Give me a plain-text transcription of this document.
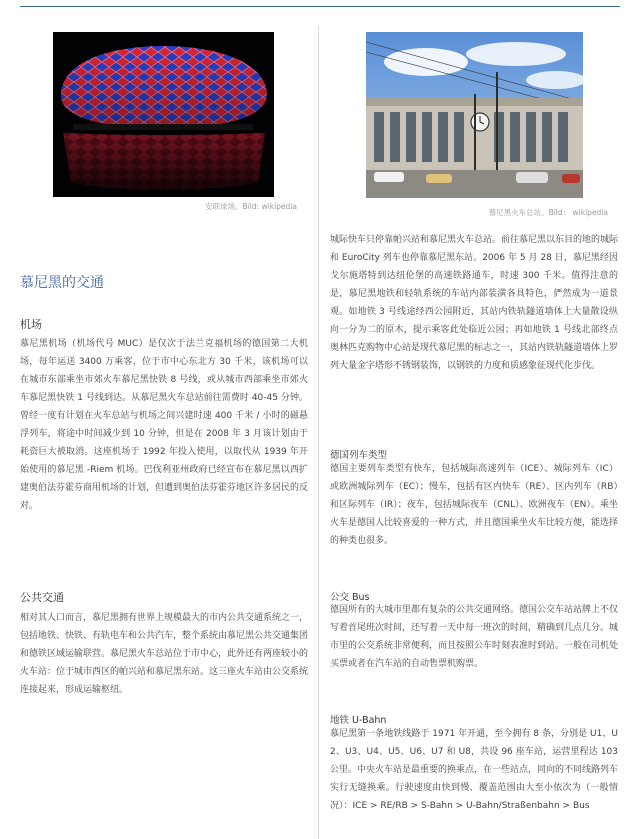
安联球场。Bild: wikipedia
慕尼黑火车总站。Bild： wikipedia
慕尼黑的交通
机场

慕尼黑机场（机场代号 MUC）是仅次于法兰克福机场的德国第二大机场，每年运送 3400 万乘客，位于市中心东北方 30 千米，该机场可以在城市东部乘坐市郊火车慕尼黑快铁 8 号线，或从城市西部乘坐市郊火车慕尼黑快铁 1 号线到达。从慕尼黑火车总站前往需费时 40-45 分钟。曾经一度有计划在火车总站与机场之间兴建时速 400 千米 / 小时的磁悬浮列车，将途中时间减少到 10 分钟，但是在 2008 年 3 月该计划由于耗资巨大被取消。这座机场于 1992 年投入使用，以取代从 1939 年开始使用的慕尼黑 -Riem 机场。巴伐利亚州政府已经宣布在慕尼黑以西扩建奥伯法芬霍芬商用机场的计划，但遭到奥伯法芬霍芬地区许多居民的反对。

公共交通

相对其人口而言，慕尼黑拥有世界上规模最大的市内公共交通系统之一，包括地铁、快铁、有轨电车和公共汽车，整个系统由慕尼黑公共交通集团和德铁区域运输联营。慕尼黑火车总站位于市中心，此外还有两座较小的火车站：位于城市西区的帕兴站和慕尼黑东站。这三座火车站由公交系统连接起来，形成运输枢纽。

城际快车只停靠帕兴站和慕尼黑火车总站。前往慕尼黑以东目的地的城际和 EuroCity 列车也停靠慕尼黑东站。2006 年 5 月 28 日，慕尼黑经因戈尔施塔特到达纽伦堡的高速铁路通车，时速 300 千米。值得注意的是，慕尼黑地铁和轻轨系统的车站内部装潢各具特色，俨然成为一道景观。如地铁 3 号线途经西公园附近，其站内铁轨隧道墙体上大量散设纵向一分为二的原木，提示乘客此处临近公园；再如地铁 1 号线北部终点奥林匹克购物中心站是现代慕尼黑的标志之一，其站内铁轨隧道墙体上罗列大量金字塔形不锈钢装饰，以钢铁的力度和质感象征现代化步伐。

德国列车类型

德国主要列车类型有快车，包括城际高速列车（ICE）、城际列车（IC）或欧洲城际列车（EC）；慢车，包括有区内快车（RE）、区内列车（RB）和区际列车（IR）；夜车，包括城际夜车（CNL）、欧洲夜车（EN）。乘坐火车是德国人比较喜爱的一种方式，并且德国乘坐火车比较方便，能选择的种类也很多。

公交 Bus

德国所有的大城市里都有复杂的公共交通网络。德国公交车站站牌上不仅写着首尾班次时间，还写着一天中每一班次的时间，精确到几点几分。城市里的公交系统非常便利，而且按照公车时刻表准时到站。一般在司机处买票或者在汽车站的自动售票机购票。

地铁 U-Bahn

慕尼黑第一条地铁线路于 1971 年开通，至今拥有 8 条，分别是 U1、U2、U3、U4、U5、U6、U7 和 U8，共设 96 座车站，运营里程达 103 公里。中央火车站是最重要的换乘点，在一些站点，同向的不同线路列车实行无缝换乘。行驶速度由快到慢、覆盖范围由大至小依次为（一般情况）：ICE > RE/RB > S-Bahn > U-Bahn/Straßenbahn > Bus
